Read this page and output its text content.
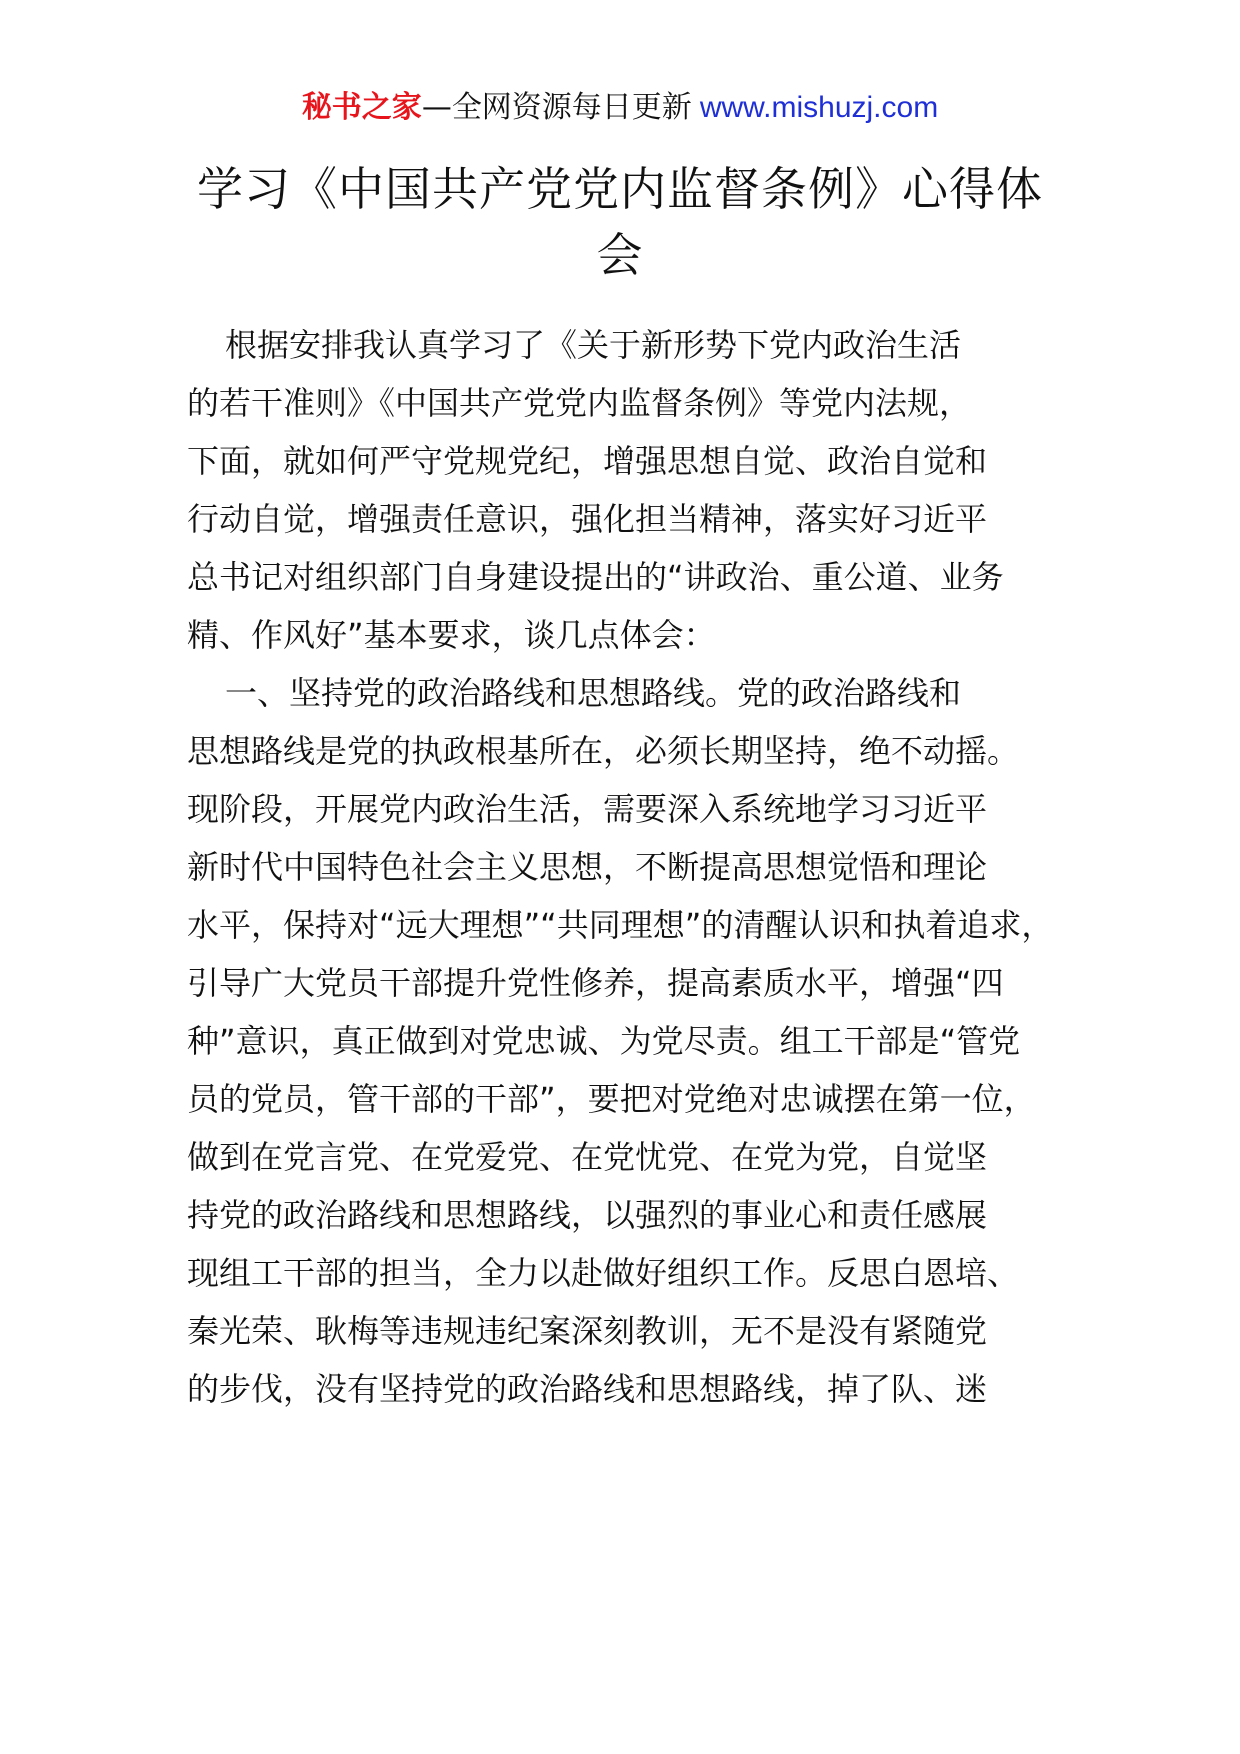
秘书之家—全网资源每日更新 www.mishuzj.com
学习《中国共产党党内监督条例》心得体会
根据安排我认真学习了《关于新形势下党内政治生活
的若干准则》《中国共产党党内监督条例》等党内法规，
下面，就如何严守党规党纪，增强思想自觉、政治自觉和
行动自觉，增强责任意识，强化担当精神，落实好习近平
总书记对组织部门自身建设提出的“讲政治、重公道、业务
精、作风好”基本要求，谈几点体会：
一、坚持党的政治路线和思想路线。党的政治路线和
思想路线是党的执政根基所在，必须长期坚持，绝不动摇。
现阶段，开展党内政治生活，需要深入系统地学习习近平
新时代中国特色社会主义思想，不断提高思想觉悟和理论
水平，保持对“远大理想”“共同理想”的清醒认识和执着追求，
引导广大党员干部提升党性修养，提高素质水平，增强“四
种”意识，真正做到对党忠诚、为党尽责。组工干部是“管党
员的党员，管干部的干部”，要把对党绝对忠诚摆在第一位，
做到在党言党、在党爱党、在党忧党、在党为党，自觉坚
持党的政治路线和思想路线，以强烈的事业心和责任感展
现组工干部的担当，全力以赴做好组织工作。反思白恩培、
秦光荣、耿梅等违规违纪案深刻教训，无不是没有紧随党
的步伐，没有坚持党的政治路线和思想路线，掉了队、迷
